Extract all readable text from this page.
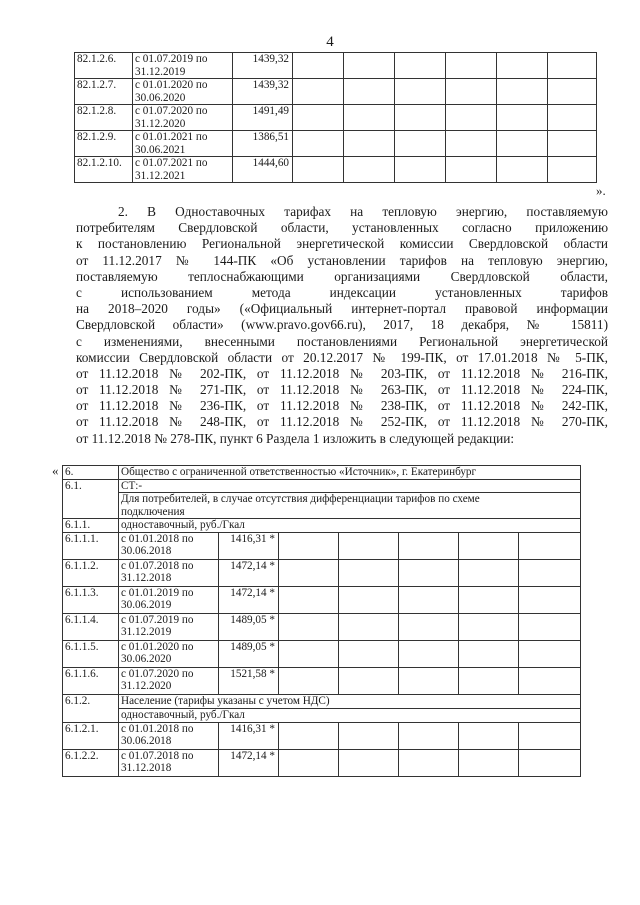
4
82.1.2.6.	с 01.07.2019 по
31.12.2019	1439,32						
82.1.2.7.	с 01.01.2020 по
30.06.2020	1439,32						
82.1.2.8.	с 01.07.2020 по
31.12.2020	1491,49						
82.1.2.9.	с 01.01.2021 по
30.06.2021	1386,51						
82.1.2.10.	с 01.07.2021 по
31.12.2021	1444,60						
».
2. В Одноставочных тарифах на тепловую энергию, поставляемую
потребителям Свердловской области, установленных согласно приложению
к постановлению Региональной энергетической комиссии Свердловской области
от 11.12.2017 № 144-ПК «Об установлении тарифов на тепловую энергию,
поставляемую теплоснабжающими организациями Свердловской области,
с использованием метода индексации установленных тарифов
на 2018–2020 годы» («Официальный интернет-портал правовой информации
Свердловской области» (www.pravo.gov66.ru), 2017, 18 декабря, № 15811)
с изменениями, внесенными постановлениями Региональной энергетической
комиссии Свердловской области от 20.12.2017 № 199-ПК, от 17.01.2018 № 5-ПК,
от 11.12.2018 № 202-ПК, от 11.12.2018 № 203-ПК, от 11.12.2018 № 216-ПК,
от 11.12.2018 № 271-ПК, от 11.12.2018 № 263-ПК, от 11.12.2018 № 224-ПК,
от 11.12.2018 № 236-ПК, от 11.12.2018 № 238-ПК, от 11.12.2018 № 242-ПК,
от 11.12.2018 № 248-ПК, от 11.12.2018 № 252-ПК, от 11.12.2018 № 270-ПК,
от 11.12.2018 № 278-ПК, пункт 6 Раздела 1 изложить в следующей редакции:
« 6.	Общество с ограниченной ответственностью «Источник», г. Екатеринбург						
6.1.	СТ:-						
	Для потребителей, в случае отсутствия дифференциации тарифов по схеме
подключения						
6.1.1.	одноставочный, руб./Гкал						
6.1.1.1.	с 01.01.2018 по
30.06.2018	1416,31 *					
6.1.1.2.	с 01.07.2018 по
31.12.2018	1472,14 *					
6.1.1.3.	с 01.01.2019 по
30.06.2019	1472,14 *					
6.1.1.4.	с 01.07.2019 по
31.12.2019	1489,05 *					
6.1.1.5.	с 01.01.2020 по
30.06.2020	1489,05 *					
6.1.1.6.	с 01.07.2020 по
31.12.2020	1521,58 *					
6.1.2.	Население (тарифы указаны с учетом НДС)						
	одноставочный, руб./Гкал						
6.1.2.1.	с 01.01.2018 по
30.06.2018	1416,31 *					
6.1.2.2.	с 01.07.2018 по
31.12.2018	1472,14 *					
